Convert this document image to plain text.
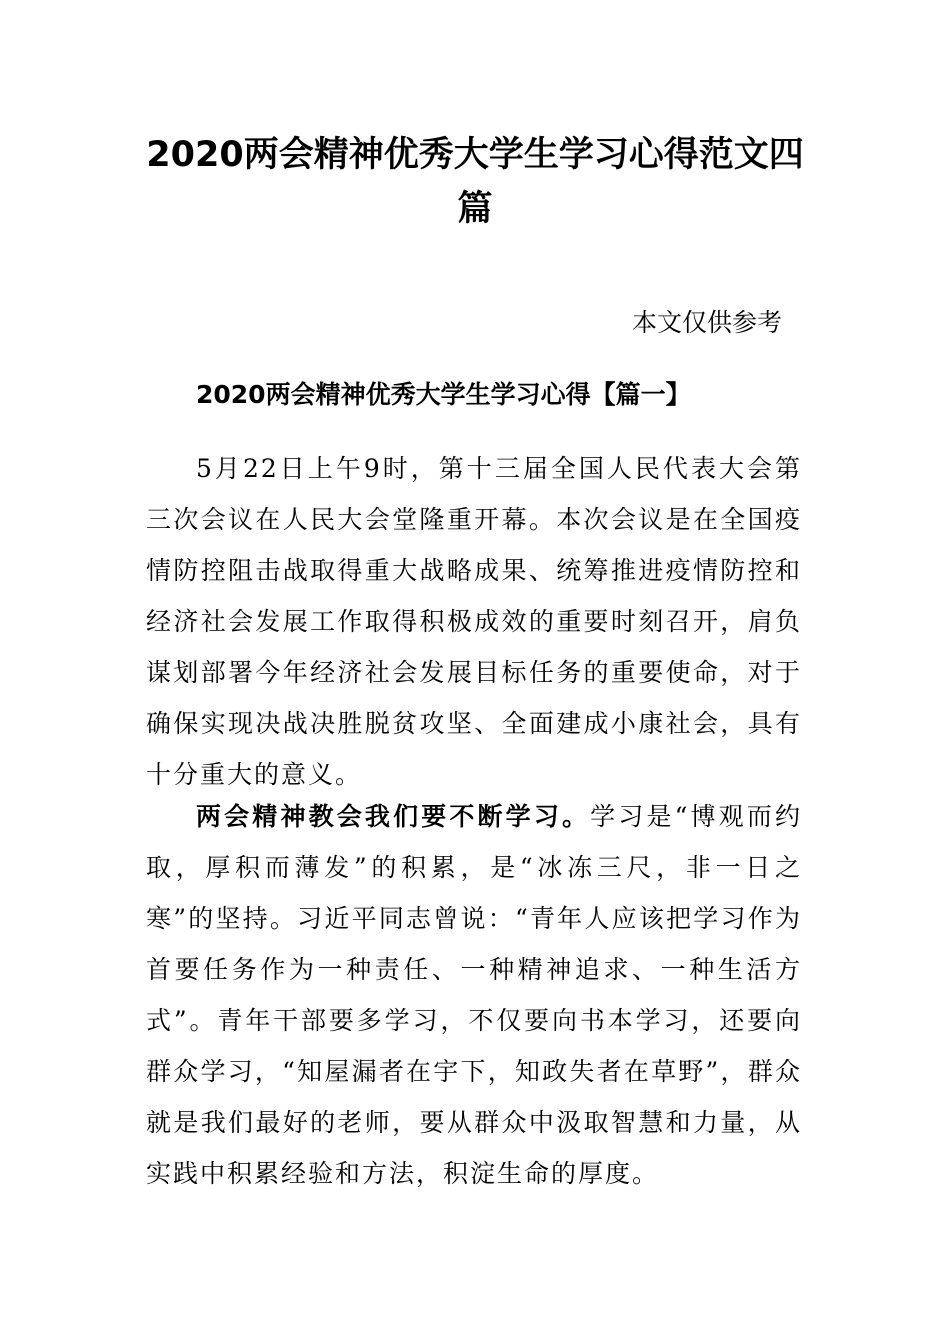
2020两会精神优秀大学生学习心得范文四篇

本文仅供参考

2020两会精神优秀大学生学习心得【篇一】

5月22日上午9时，第十三届全国人民代表大会第三次会议在人民大会堂隆重开幕。本次会议是在全国疫情防控阻击战取得重大战略成果、统筹推进疫情防控和经济社会发展工作取得积极成效的重要时刻召开，肩负谋划部署今年经济社会发展目标任务的重要使命，对于确保实现决战决胜脱贫攻坚、全面建成小康社会，具有十分重大的意义。

两会精神教会我们要不断学习。学习是“博观而约取，厚积而薄发”的积累，是“冰冻三尺，非一日之寒”的坚持。习近平同志曾说：“青年人应该把学习作为首要任务作为一种责任、一种精神追求、一种生活方式”。青年干部要多学习，不仅要向书本学习，还要向群众学习，“知屋漏者在宇下，知政失者在草野”，群众就是我们最好的老师，要从群众中汲取智慧和力量，从实践中积累经验和方法，积淀生命的厚度。
